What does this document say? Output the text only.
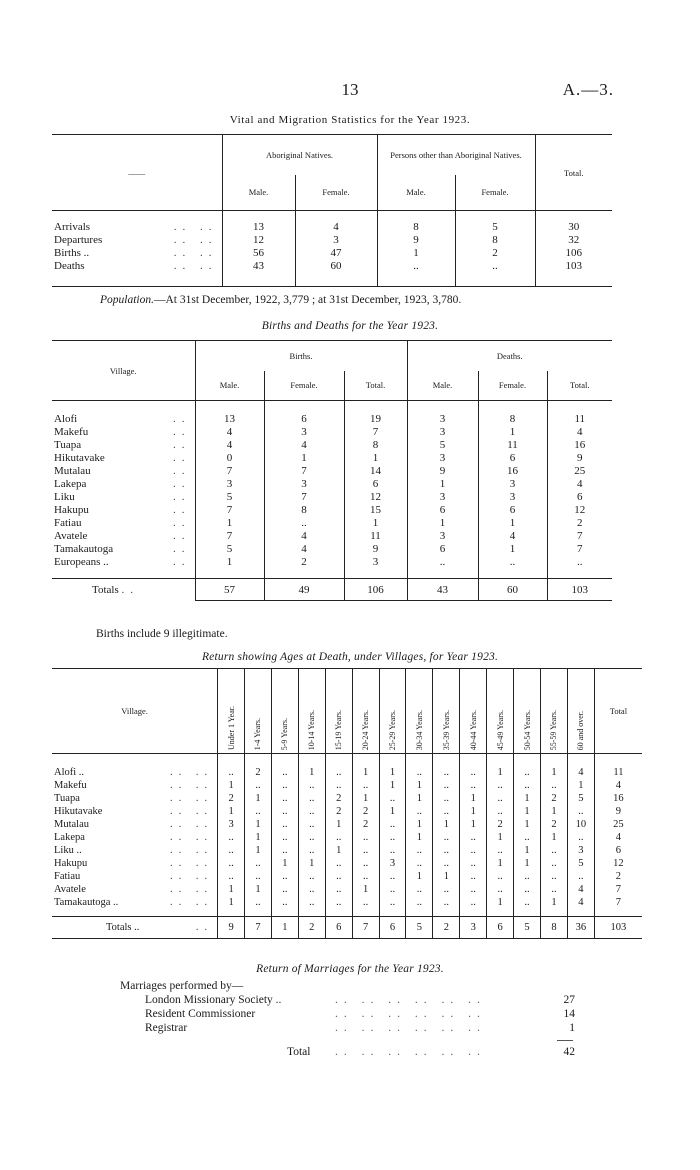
13	A.—3.
Vital and Migration Statistics for the Year 1923.
——	Aboriginal Natives.		Persons other than Aboriginal Natives.		Total.
	Male.	Female.	Male.	Female.	

Arrivals .. ..	13	4	8	5	30
Departures .. ..	12	3	9	8	32
Births .. .. ..	56	47	1	2	106
Deaths .. ..	43	60	..	..	103

Population.—At 31st December, 1922, 3,779 ; at 31st December, 1923, 3,780.
Births and Deaths for the Year 1923.
Village.	Births.			Deaths.		
	Male.	Female.	Total.	Male.	Female.	Total.

Alofi ..	13	6	19	3	8	11
Makefu ..	4	3	7	3	1	4
Tuapa ..	4	4	8	5	11	16
Hikutavake ..	0	1	1	3	6	9
Mutalau ..	7	7	14	9	16	25
Lakepa ..	3	3	6	1	3	4
Liku ..	5	7	12	3	3	6
Hakupu ..	7	8	15	6	6	12
Fatiau ..	1	..	1	1	1	2
Avatele ..	7	4	11	3	4	7
Tamakautoga ..	5	4	9	6	1	7
Europeans .. ..	1	2	3	..	..	..

Totals ..	57	49	106	43	60	103
Births include 9 illegitimate.
Return showing Ages at Death, under Villages, for Year 1923.
Village.	Under 1 Year.	1-4 Years.	5-9 Years.	10-14 Years.	15-19 Years.	20-24 Years.	25-29 Years.	30-34 Years.	35-39 Years.	40-44 Years.	45-49 Years.	50-54 Years.	55-59 Years.	60 and over.	Total

Alofi .. .. ..	..	2	..	1	..	1	1	..	..	..	1	..	1	4	11
Makefu .. ..	1	..	..	..	..	..	1	1	..	..	..	..	..	1	4
Tuapa .. ..	2	1	..	..	2	1	..	1	..	1	..	1	2	5	16
Hikutavake .. ..	1	..	..	..	2	2	1	..	..	1	..	1	1	..	9
Mutalau .. ..	3	1	..	..	1	2	..	1	1	1	2	1	2	10	25
Lakepa .. ..	..	1	..	..	..	..	..	1	..	..	1	..	1	..	4
Liku .. .. ..	..	1	..	..	1	..	..	..	..	..	..	1	..	3	6
Hakupu .. ..	..	..	1	1	..	..	3	..	..	..	1	1	..	5	12
Fatiau .. ..	..	..	..	..	..	..	..	1	1	..	..	..	..	..	2
Avatele .. ..	1	1	..	..	..	1	..	..	..	..	..	..	..	4	7
Tamakautoga .. .. ..	1	..	..	..	..	..	..	..	..	..	1	..	1	4	7

Totals .. ..	9	7	1	2	6	7	6	5	2	3	6	5	8	36	103
Return of Marriages for the Year 1923.
Marriages performed by—
London Missionary Society ..	.. .. .. .. .. ..	27
Resident Commissioner	.. .. .. .. .. ..	14
Registrar	.. .. .. .. .. ..	1
Total .. .. .. .. .. ..	42
